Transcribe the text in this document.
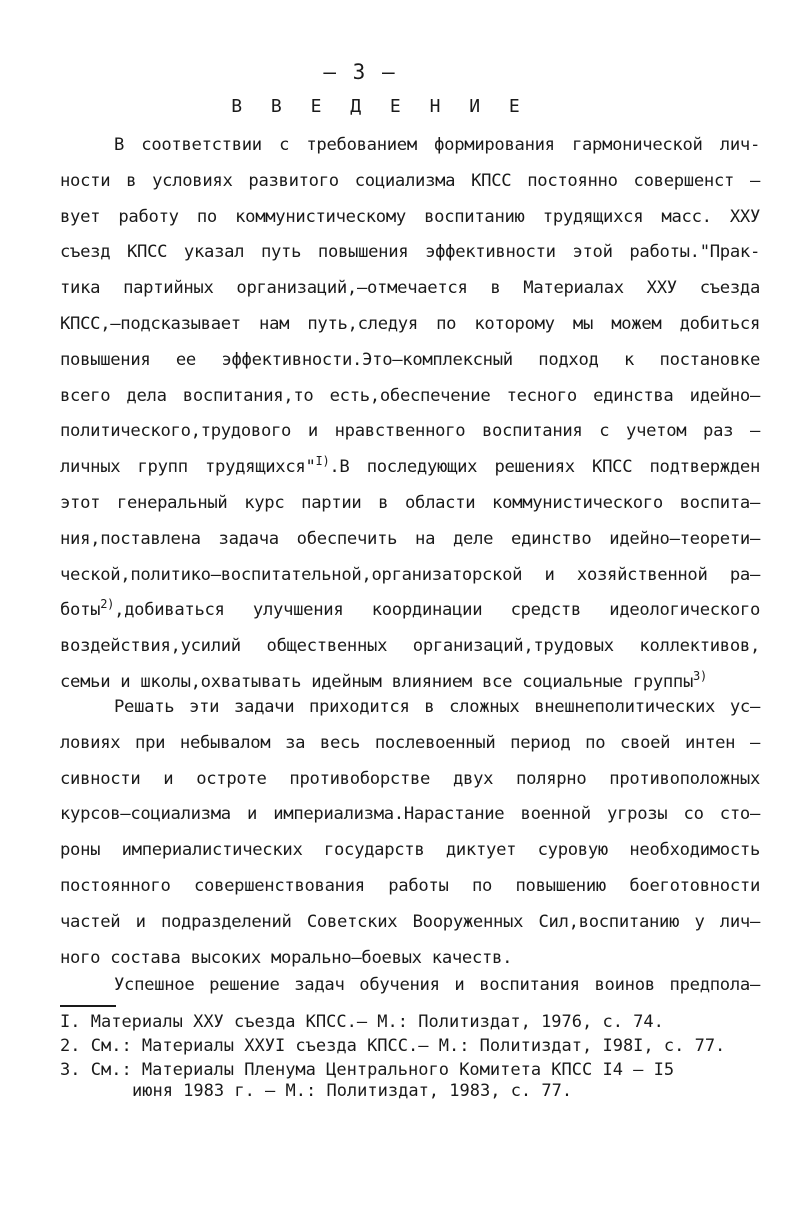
– 3 –
В В Е Д Е Н И Е
В соответствии с требованием формирования гармонической лич-
ности в условиях развитого социализма КПСС постоянно совершенст –
вует работу по коммунистическому воспитанию трудящихся масс. ХХУ
съезд КПСС указал путь повышения эффективности этой работы."Прак-
тика партийных организаций,–отмечается в Материалах ХХУ съезда
КПСС,–подсказывает нам путь,следуя по которому мы можем добиться
повышения ее эффективности.Это–комплексный подход к постановке
всего дела воспитания,то есть,обеспечение тесного единства идейно–
политического,трудового и нравственного воспитания с учетом раз –
личных групп трудящихся"$^{I)}$.В последующих решениях КПСС подтвержден
этот генеральный курс партии в области коммунистического воспита–
ния,поставлена задача обеспечить на деле единство идейно–теорети–
ческой,политико–воспитательной,организаторской и хозяйственной ра–
боты$^{2)}$,добиваться улучшения координации средств идеологического
воздействия,усилий общественных организаций,трудовых коллективов,
семьи и школы,охватывать идейным влиянием все социальные группы$^{3)}$
Решать эти задачи приходится в сложных внешнеполитических ус–
ловиях при небывалом за весь послевоенный период по своей интен –
сивности и остроте противоборстве двух полярно противоположных
курсов–социализма и империализма.Нарастание военной угрозы со сто–
роны империалистических государств диктует суровую необходимость
постоянного совершенствования работы по повышению боеготовности
частей и подразделений Советских Вооруженных Сил,воспитанию у лич–
ного состава высоких морально–боевых качеств.
Успешное решение задач обучения и воспитания воинов предпола–
I. Материалы ХХУ съезда КПСС.– М.: Политиздат, 1976, с. 74.
2. См.: Материалы ХХУI съезда КПСС.– М.: Политиздат, I98I, с. 77.
3. См.: Материалы Пленума Центрального Комитета КПСС I4 – I5
июня 1983 г. – М.: Политиздат, 1983, с. 77.
